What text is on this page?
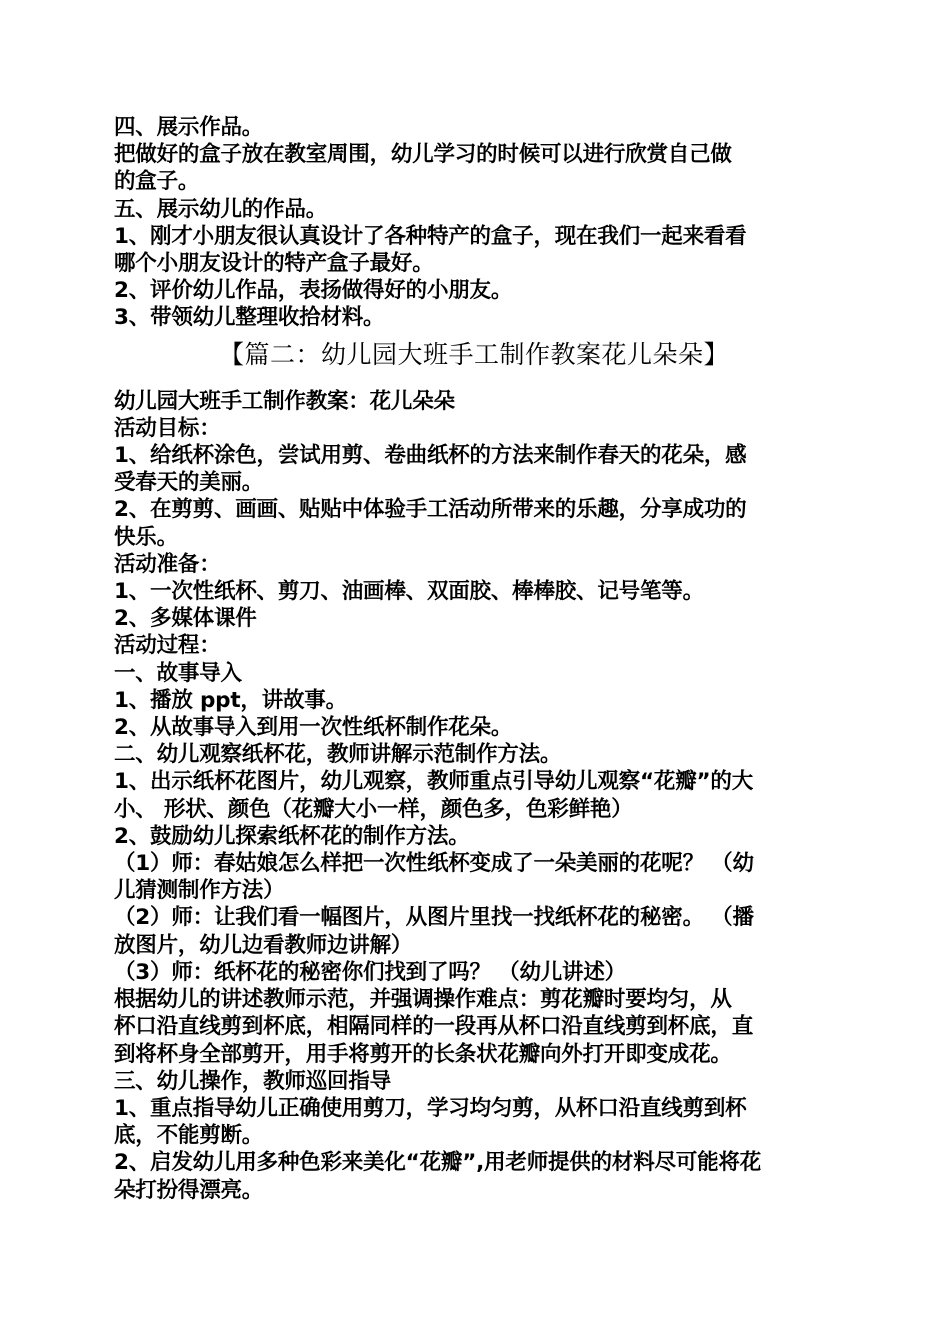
四、展示作品。
把做好的盒子放在教室周围，幼儿学习的时候可以进行欣赏自己做
的盒子。
五、展示幼儿的作品。
1、刚才小朋友很认真设计了各种特产的盒子，现在我们一起来看看
哪个小朋友设计的特产盒子最好。
2、评价幼儿作品，表扬做得好的小朋友。
3、带领幼儿整理收拾材料。
【篇二：幼儿园大班手工制作教案花儿朵朵】
幼儿园大班手工制作教案：花儿朵朵
活动目标：
1、给纸杯涂色，尝试用剪、卷曲纸杯的方法来制作春天的花朵，感
受春天的美丽。
2、在剪剪、画画、贴贴中体验手工活动所带来的乐趣，分享成功的
快乐。
活动准备：
1、一次性纸杯、剪刀、油画棒、双面胶、棒棒胶、记号笔等。
2、多媒体课件
活动过程：
一、故事导入
1、播放 ppt，讲故事。
2、从故事导入到用一次性纸杯制作花朵。
二、幼儿观察纸杯花，教师讲解示范制作方法。
1、出示纸杯花图片，幼儿观察，教师重点引导幼儿观察“花瓣”的大
小、 形状、颜色（花瓣大小一样，颜色多，色彩鲜艳）
2、鼓励幼儿探索纸杯花的制作方法。
（1）师：春姑娘怎么样把一次性纸杯变成了一朵美丽的花呢？ （幼
儿猜测制作方法）
（2）师：让我们看一幅图片，从图片里找一找纸杯花的秘密。 （播
放图片，幼儿边看教师边讲解）
（3）师：纸杯花的秘密你们找到了吗？ （幼儿讲述）
根据幼儿的讲述教师示范，并强调操作难点：剪花瓣时要均匀，从
杯口沿直线剪到杯底，相隔同样的一段再从杯口沿直线剪到杯底，直
到将杯身全部剪开，用手将剪开的长条状花瓣向外打开即变成花。
三、幼儿操作，教师巡回指导
1、重点指导幼儿正确使用剪刀，学习均匀剪，从杯口沿直线剪到杯
底，不能剪断。
2、启发幼儿用多种色彩来美化“花瓣”,用老师提供的材料尽可能将花
朵打扮得漂亮。
